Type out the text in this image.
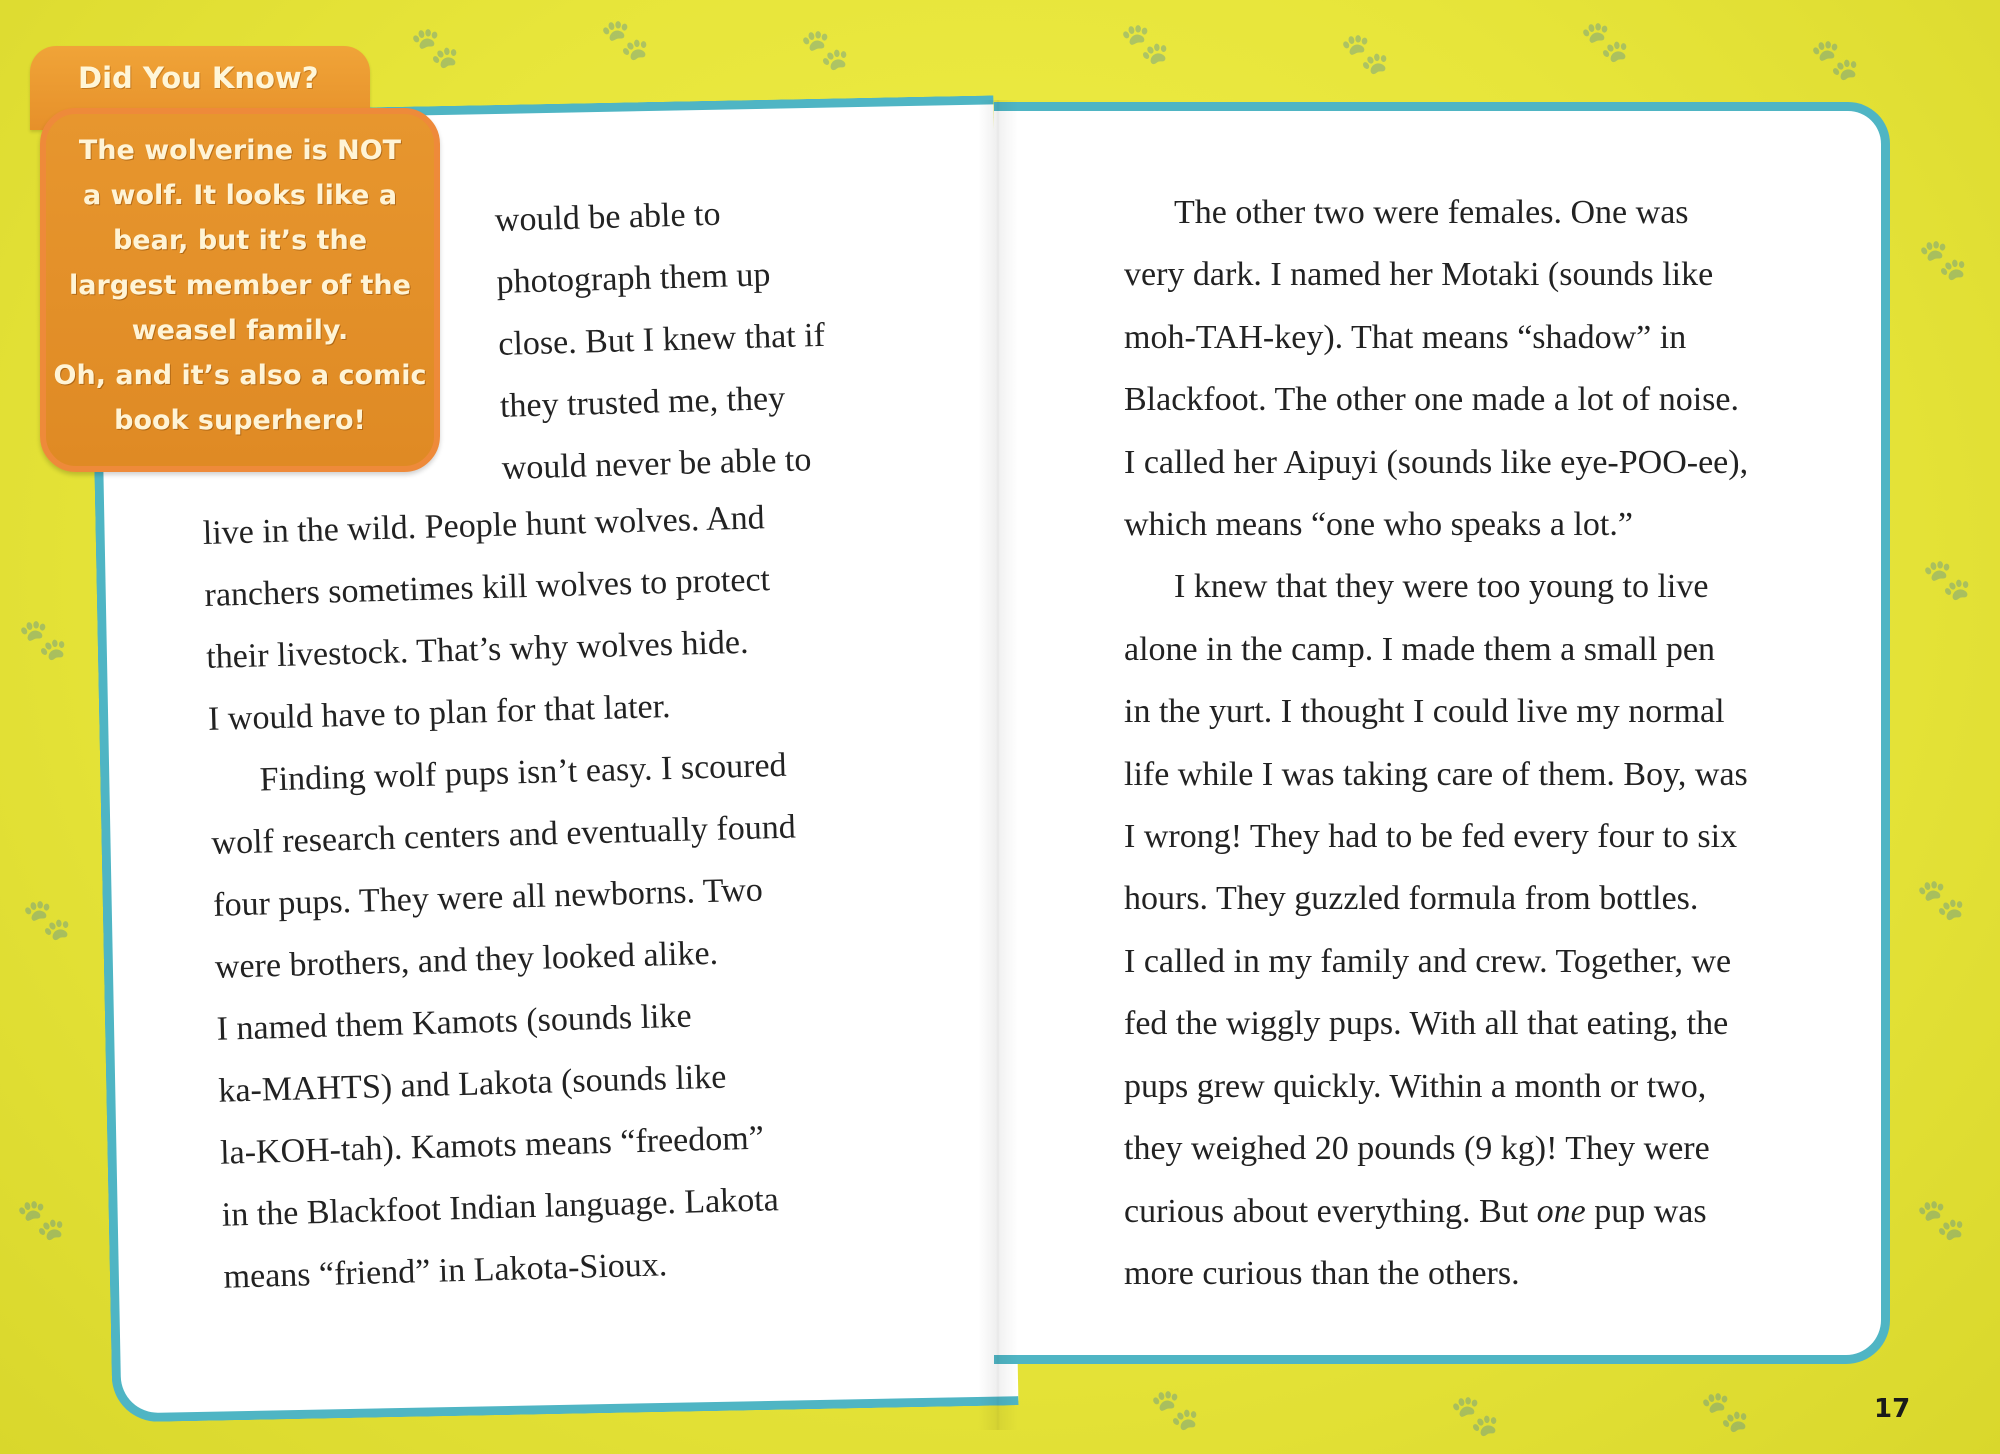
🐾	🐾	🐾	🐾	🐾	🐾	🐾
🐾
🐾
🐾
🐾
🐾
🐾
🐾
🐾	🐾	🐾
Did You Know?

The wolverine is NOT
a wolf. It looks like a
bear, but it’s the
largest member of the
weasel family.
Oh, and it’s also a comic
book superhero!

would be able to
photograph them up
close. But I knew that if
they trusted me, they
would never be able to

live in the wild. People hunt wolves. And
ranchers sometimes kill wolves to protect
their livestock. That’s why wolves hide.
I would have to plan for that later.
Finding wolf pups isn’t easy. I scoured
wolf research centers and eventually found
four pups. They were all newborns. Two
were brothers, and they looked alike.
I named them Kamots (sounds like
ka-MAHTS) and Lakota (sounds like
la-KOH-tah). Kamots means “freedom”
in the Blackfoot Indian language. Lakota
means “friend” in Lakota-Sioux.

The other two were females. One was
very dark. I named her Motaki (sounds like
moh-TAH-key). That means “shadow” in
Blackfoot. The other one made a lot of noise.
I called her Aipuyi (sounds like eye-POO-ee),
which means “one who speaks a lot.”
I knew that they were too young to live
alone in the camp. I made them a small pen
in the yurt. I thought I could live my normal
life while I was taking care of them. Boy, was
I wrong! They had to be fed every four to six
hours. They guzzled formula from bottles.
I called in my family and crew. Together, we
fed the wiggly pups. With all that eating, the
pups grew quickly. Within a month or two,
they weighed 20 pounds (9 kg)! They were
curious about everything. But one pup was
more curious than the others.

17
